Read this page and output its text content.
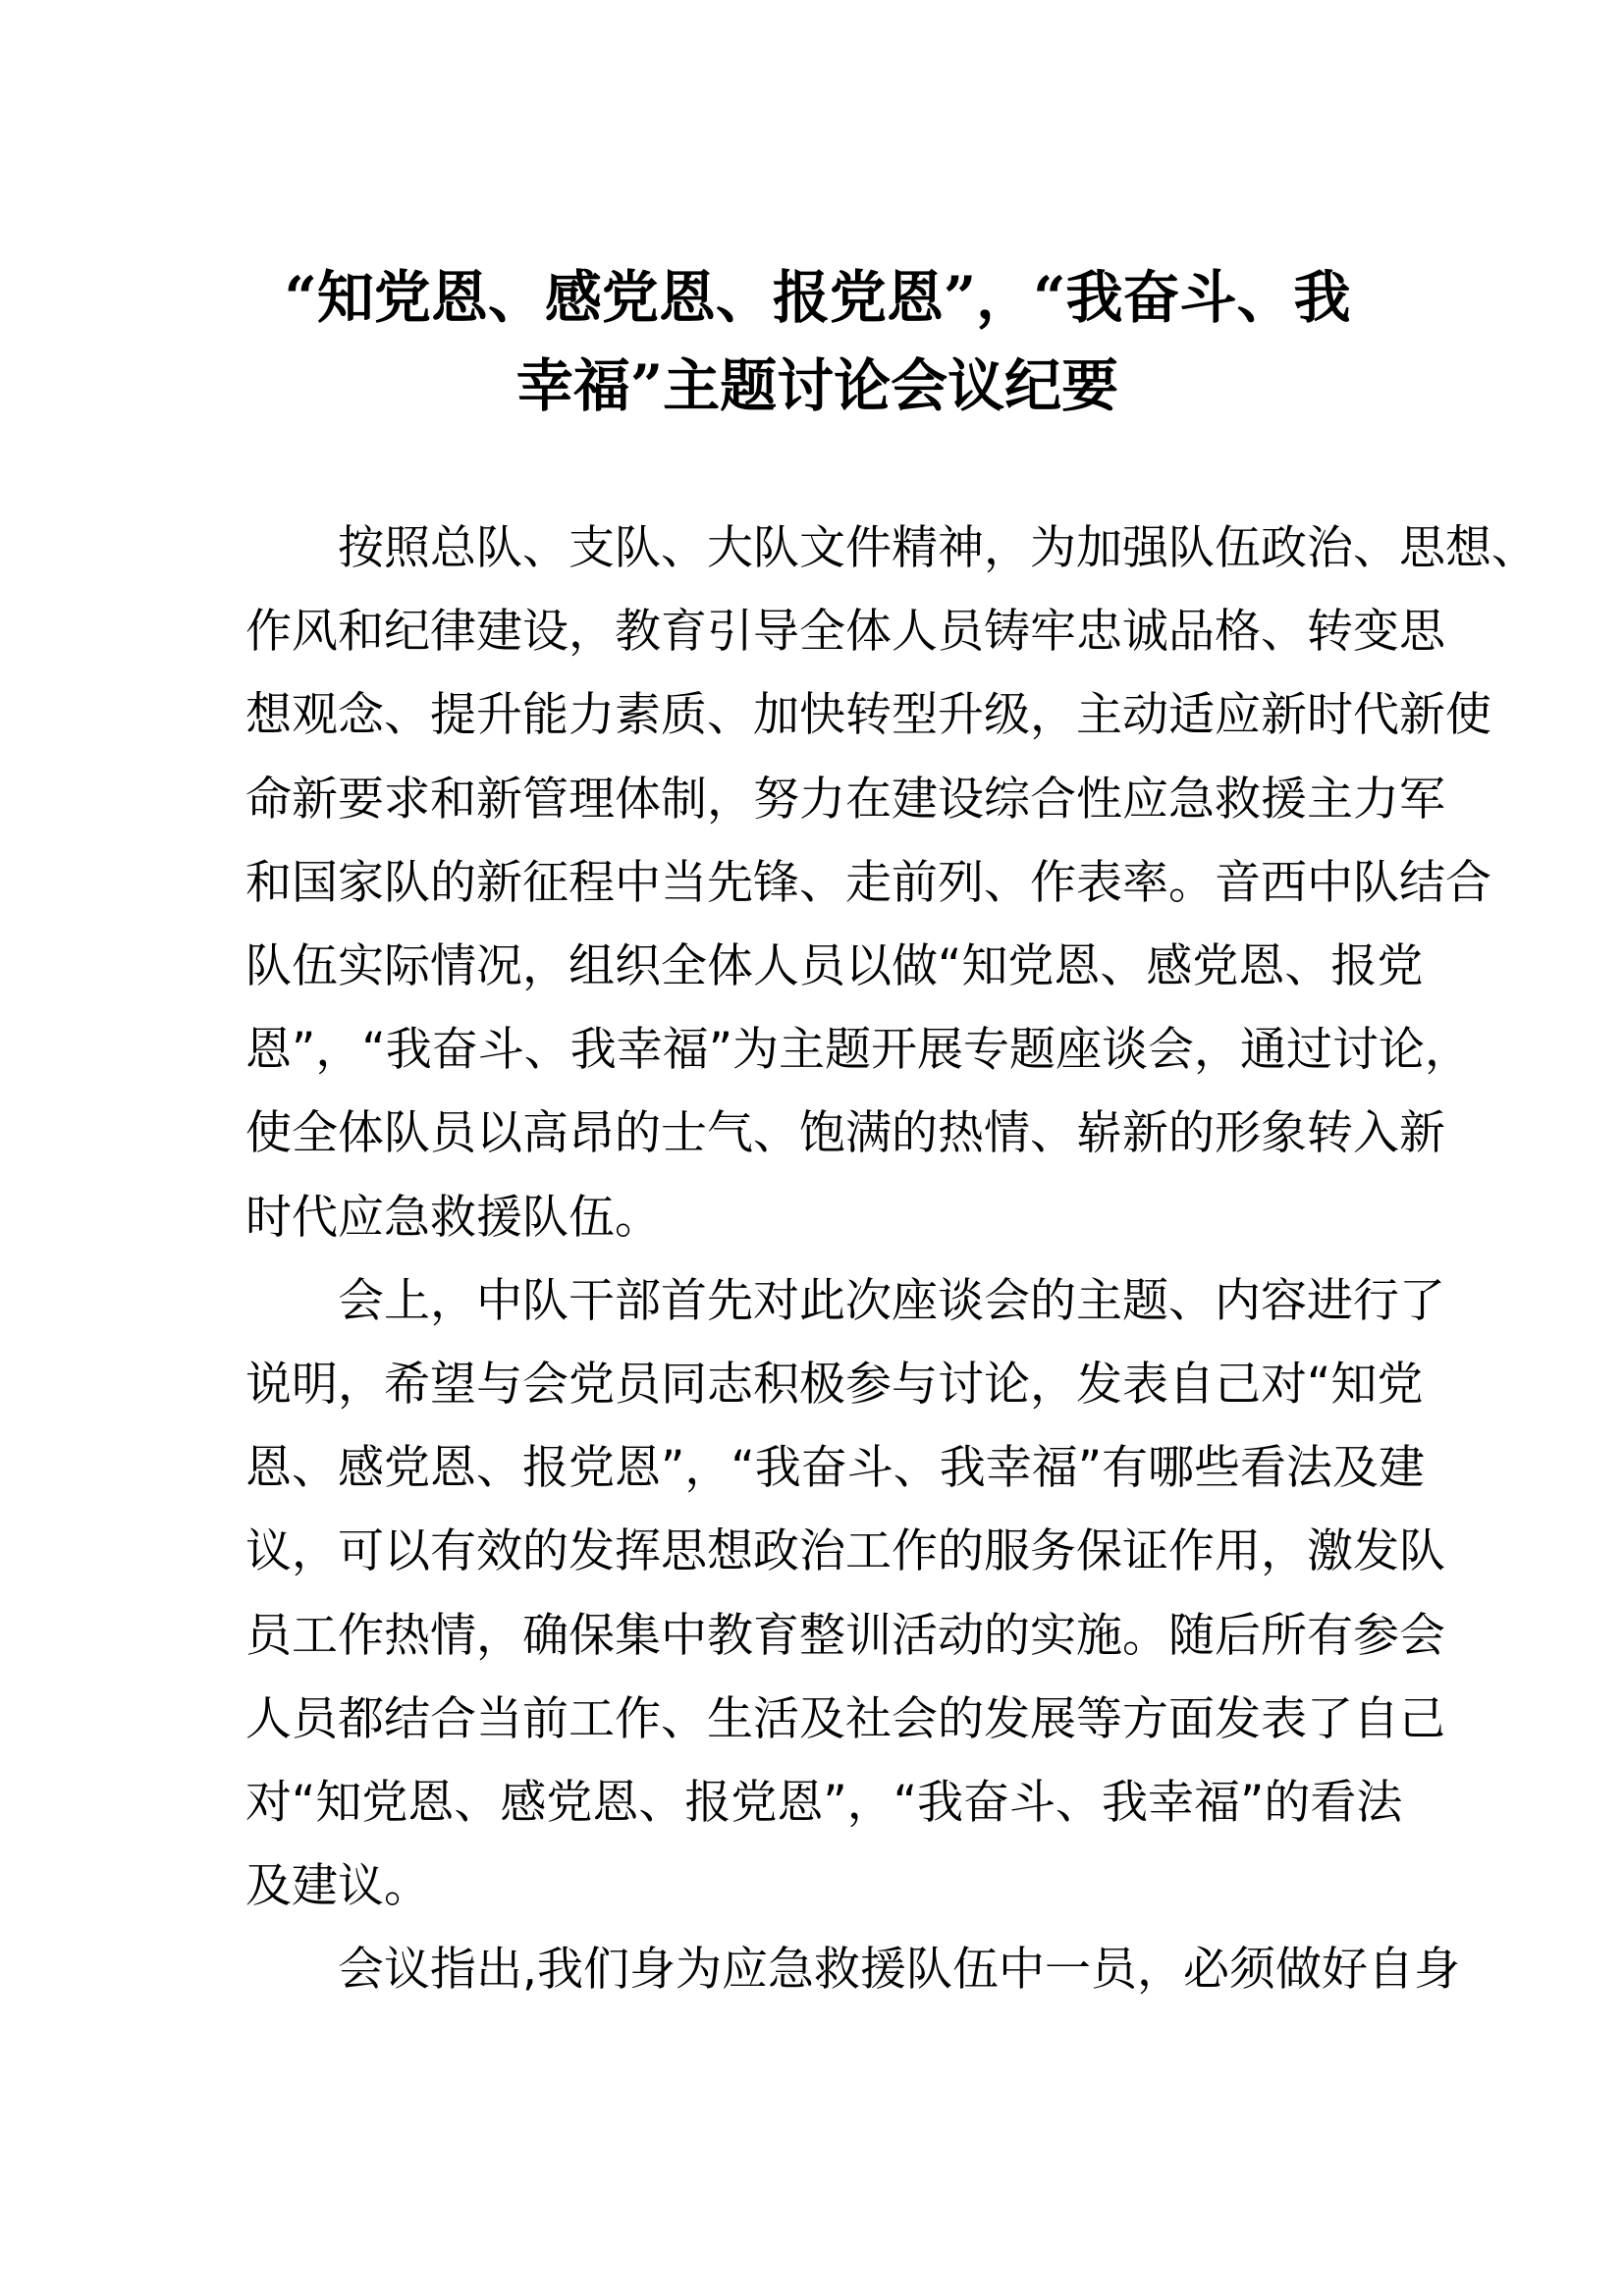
“知党恩、感党恩、报党恩”，“我奋斗、我
幸福”主题讨论会议纪要

按照总队、支队、大队文件精神，为加强队伍政治、思想、
作风和纪律建设，教育引导全体人员铸牢忠诚品格、转变思
想观念、提升能力素质、加快转型升级，主动适应新时代新使
命新要求和新管理体制，努力在建设综合性应急救援主力军
和国家队的新征程中当先锋、走前列、作表率。音西中队结合
队伍实际情况，组织全体人员以做“知党恩、感党恩、报党
恩”，“我奋斗、我幸福”为主题开展专题座谈会，通过讨论，
使全体队员以高昂的士气、饱满的热情、崭新的形象转入新
时代应急救援队伍。

会上，中队干部首先对此次座谈会的主题、内容进行了
说明，希望与会党员同志积极参与讨论，发表自己对“知党
恩、感党恩、报党恩”，“我奋斗、我幸福”有哪些看法及建
议，可以有效的发挥思想政治工作的服务保证作用，激发队
员工作热情，确保集中教育整训活动的实施。随后所有参会
人员都结合当前工作、生活及社会的发展等方面发表了自己
对“知党恩、感党恩、报党恩”，“我奋斗、我幸福”的看法
及建议。

会议指出,我们身为应急救援队伍中一员，必须做好自身
